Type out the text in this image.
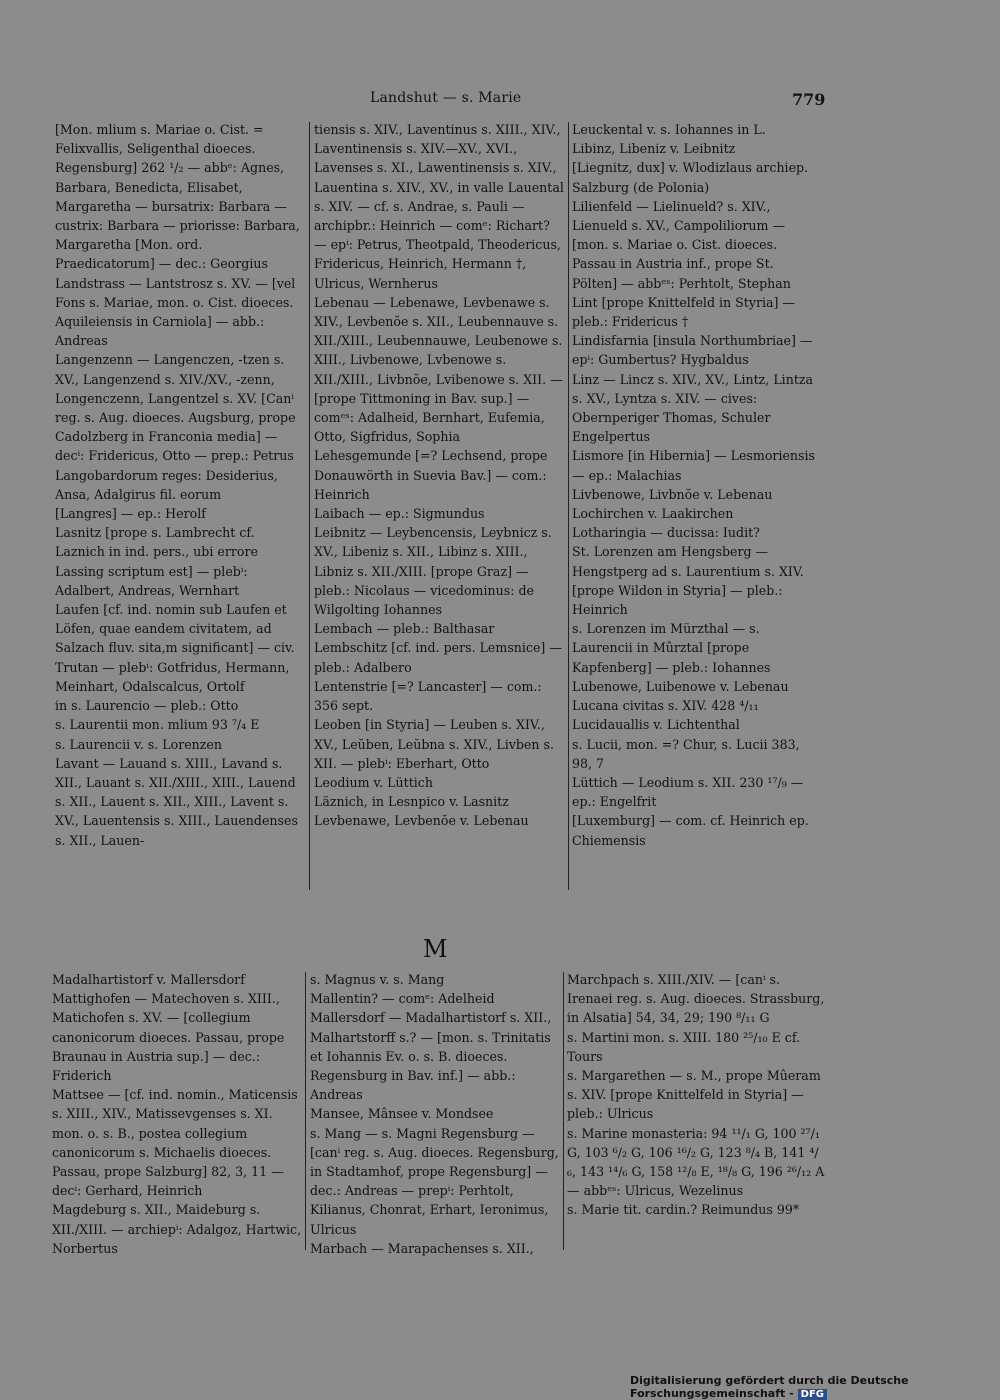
Landshut — s. Marie	779

[Mon. mlium s. Mariae o. Cist. = Felixvallis, Seligenthal dioeces. Regensburg] 262 ¹/₂ — abbᵉ: Agnes, Barbara, Benedicta, Elisabet, Margaretha — bursatrix: Barbara — custrix: Barbara — priorisse: Barbara, Margaretha [Mon. ord. Praedicatorum] — dec.: Georgius

Landstrass — Lantstrosz s. XV. — [vel Fons s. Mariae, mon. o. Cist. dioeces. Aquileiensis in Carniola] — abb.: Andreas

Langenzenn — Langenczen, -tzen s. XV., Langenzend s. XIV./XV., -zenn, Longenczenn, Langentzel s. XV. [Canⁱ reg. s. Aug. dioeces. Augsburg, prope Cadolzberg in Franconia media] — decⁱ: Fridericus, Otto — prep.: Petrus

Langobardorum reges: Desiderius, Ansa, Adalgirus fil. eorum

[Langres] — ep.: Herolf

Lasnitz [prope s. Lambrecht cf. Laznich in ind. pers., ubi errore Lassing scriptum est] — plebⁱ: Adalbert, Andreas, Wernhart

Laufen [cf. ind. nomin sub Laufen et Löfen, quae eandem civitatem, ad Salzach fluv. sita,m significant] — civ. Trutan — plebⁱ: Gotfridus, Hermann, Meinhart, Odalscalcus, Ortolf

in s. Laurencio — pleb.: Otto

s. Laurentii mon. mlium 93 ⁷/₄ E

s. Laurencii v. s. Lorenzen

Lavant — Lauand s. XIII., Lavand s. XII., Lauant s. XII./XIII., XIII., Lauend s. XII., Lauent s. XII., XIII., Lavent s. XV., Lauentensis s. XIII., Lauendenses s. XII., Lauen-

tiensis s. XIV., Laventinus s. XIII., XIV., Laventinensis s. XIV.—XV., XVI., Lavenses s. XI., Lawentinensis s. XIV., Lauentina s. XIV., XV., in valle Lauental s. XIV. — cf. s. Andrae, s. Pauli — archipbr.: Heinrich — comᵉ: Richart? — epⁱ: Petrus, Theotpald, Theodericus, Fridericus, Heinrich, Hermann †, Ulricus, Wernherus

Lebenau — Lebenawe, Levbenawe s. XIV., Levbenŏe s. XII., Leubennauve s. XII./XIII., Leubennauwe, Leubenowe s. XIII., Livbenowe, Lvbenowe s. XII./XIII., Livbnŏe, Lvibenowe s. XII. — [prope Tittmoning in Bav. sup.] — comᵉˢ: Adalheid, Bernhart, Eufemia, Otto, Sigfridus, Sophia

Lehesgemunde [=? Lechsend, prope Donauwörth in Suevia Bav.] — com.: Heinrich

Laibach — ep.: Sigmundus

Leibnitz — Leybencensis, Leybnicz s. XV., Libeniz s. XII., Libinz s. XIII., Libniz s. XII./XIII. [prope Graz] — pleb.: Nicolaus — vicedominus: de Wilgolting Iohannes

Lembach — pleb.: Balthasar

Lembschitz [cf. ind. pers. Lemsnice] — pleb.: Adalbero

Lentenstrie [=? Lancaster] — com.: 356 sept.

Leoben [in Styria] — Leuben s. XIV., XV., Leŭben, Leŭbna s. XIV., Livben s. XII. — plebⁱ: Eberhart, Otto

Leodium v. Lüttich

Läznich, in Lesnpico v. Lasnitz

Levbenawe, Levbenŏe v. Lebenau

Leuckental v. s. Iohannes in L.

Libinz, Libeniz v. Leibnitz

[Liegnitz, dux] v. Wlodizlaus archiep. Salzburg (de Polonia)

Lilienfeld — Lielinueld? s. XIV., Lienueld s. XV., Campoliliorum — [mon. s. Mariae o. Cist. dioeces. Passau in Austria inf., prope St. Pölten] — abbᵉˢ: Perhtolt, Stephan

Lint [prope Knittelfeld in Styria] — pleb.: Fridericus †

Lindisfarnia [insula Northumbriae] — epⁱ: Gumbertus? Hygbaldus

Linz — Lincz s. XIV., XV., Lintz, Lintza s. XV., Lyntza s. XIV. — cives: Obernperiger Thomas, Schuler Engelpertus

Lismore [in Hibernia] — Lesmoriensis — ep.: Malachias

Livbenowe, Livbnŏe v. Lebenau

Lochirchen v. Laakirchen

Lotharingia — ducissa: Iudit?

St. Lorenzen am Hengsberg — Hengstperg ad s. Laurentium s. XIV. [prope Wildon in Styria] — pleb.: Heinrich

s. Lorenzen im Mürzthal — s. Laurencii in Mûrztal [prope Kapfenberg] — pleb.: Iohannes

Lubenowe, Luibenowe v. Lebenau

Lucana civitas s. XIV. 428 ⁴/₁₁

Lucidauallis v. Lichtenthal

s. Lucii, mon. =? Chur, s. Lucii 383, 98, 7

Lüttich — Leodium s. XII. 230 ¹⁷/₉ — ep.: Engelfrit

[Luxemburg] — com. cf. Heinrich ep. Chiemensis

M

Madalhartistorf v. Mallersdorf

Mattighofen — Matechoven s. XIII., Matichofen s. XV. — [collegium canonicorum dioeces. Passau, prope Braunau in Austria sup.] — dec.: Friderich

Mattsee — [cf. ind. nomin., Maticensis s. XIII., XIV., Matissevgenses s. XI. mon. o. s. B., postea collegium canonicorum s. Michaelis dioeces. Passau, prope Salzburg] 82, 3, 11 — decⁱ: Gerhard, Heinrich

Magdeburg s. XII., Maideburg s. XII./XIII. — archiepⁱ: Adalgoz, Hartwic, Norbertus

s. Magnus v. s. Mang

Mallentin? — comᵉ: Adelheid

Mallersdorf — Madalhartistorf s. XII., Malhartstorff s.? — [mon. s. Trinitatis et Iohannis Ev. o. s. B. dioeces. Regensburg in Bav. inf.] — abb.: Andreas

Mansee, Mânsee v. Mondsee

s. Mang — s. Magni Regensburg — [canⁱ reg. s. Aug. dioeces. Regensburg, in Stadtamhof, prope Regensburg] — dec.: Andreas — prepⁱ: Perhtolt, Kilianus, Chonrat, Erhart, Ieronimus, Ulricus

Marbach — Marapachenses s. XII.,

Marchpach s. XIII./XIV. — [canⁱ s. Irenaei reg. s. Aug. dioeces. Strassburg, in Alsatia] 54, 34, 29; 190 ⁸/₁₁ G

s. Martini mon. s. XIII. 180 ²⁵/₁₀ E cf. Tours

s. Margarethen — s. M., prope Mûeram s. XIV. [prope Knittelfeld in Styria] — pleb.: Ulricus

s. Marine monasteria: 94 ¹¹/₁ G, 100 ²⁷/₁ G, 103 ⁶/₂ G, 106 ¹⁶/₂ G, 123 ⁸/₄ B, 141 ⁴/₆, 143 ¹⁴/₆ G, 158 ¹²/₈ E, ¹⁸/₈ G, 196 ²⁶/₁₂ A — abbᵉˢ: Ulricus, Wezelinus

s. Marie tit. cardin.? Reimundus 99*

Digitalisierung gefördert durch die Deutsche Forschungsgemeinschaft - DFG
